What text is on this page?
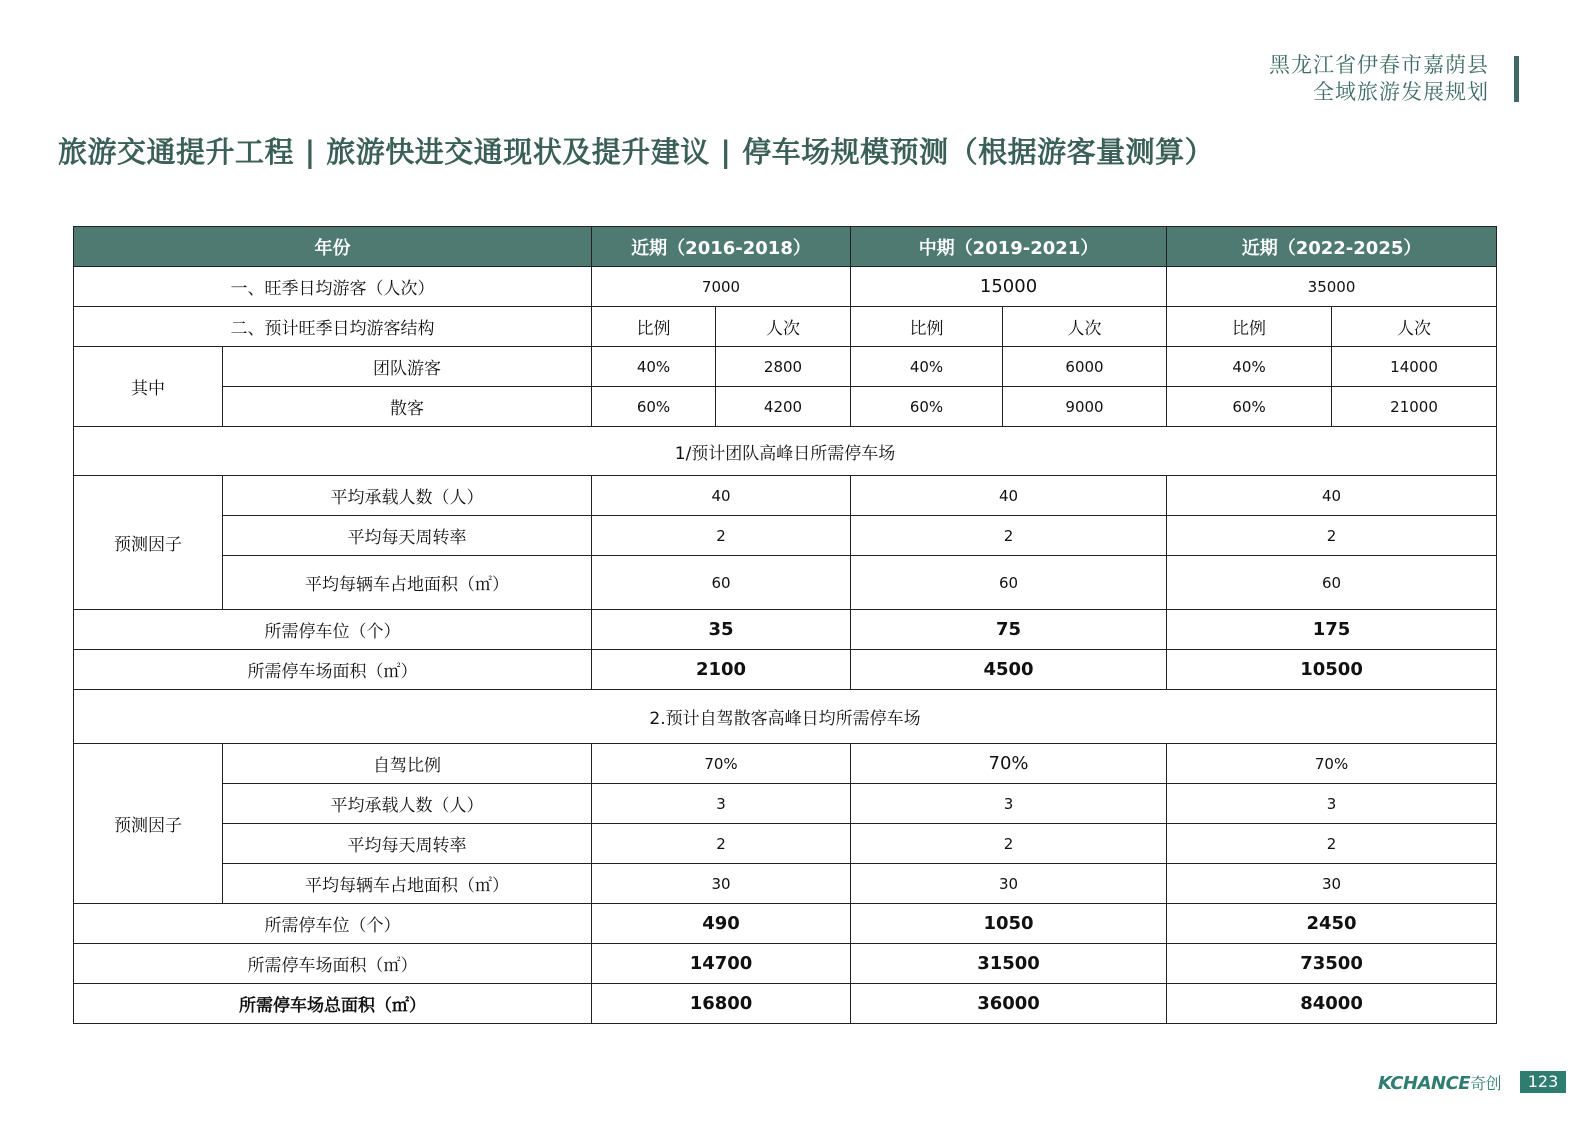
黑龙江省伊春市嘉荫县
全域旅游发展规划
旅游交通提升工程 | 旅游快进交通现状及提升建议 | 停车场规模预测（根据游客量测算）
年份		近期（2016-2018）		中期（2019-2021）		近期（2022-2025）	
一、旺季日均游客（人次）		7000		15000		35000	
二、预计旺季日均游客结构		比例	人次	比例	人次	比例	人次
其中	团队游客	40%	2800	40%	6000	40%	14000
	散客	60%	4200	60%	9000	60%	21000
1/预计团队高峰日所需停车场							
预测因子	平均承载人数（人）	40		40		40	
	平均每天周转率	2		2		2	
	平均每辆车占地面积（㎡）	60		60		60	
所需停车位（个）		35		75		175	
所需停车场面积（㎡）		2100		4500		10500	
2.预计自驾散客高峰日均所需停车场							
预测因子	自驾比例	70%		70%		70%	
	平均承载人数（人）	3		3		3	
	平均每天周转率	2		2		2	
	平均每辆车占地面积（㎡）	30		30		30	
所需停车位（个）		490		1050		2450	
所需停车场面积（㎡）		14700		31500		73500	
所需停车场总面积（㎡）		16800		36000		84000	
KCHANCE奇创	123
